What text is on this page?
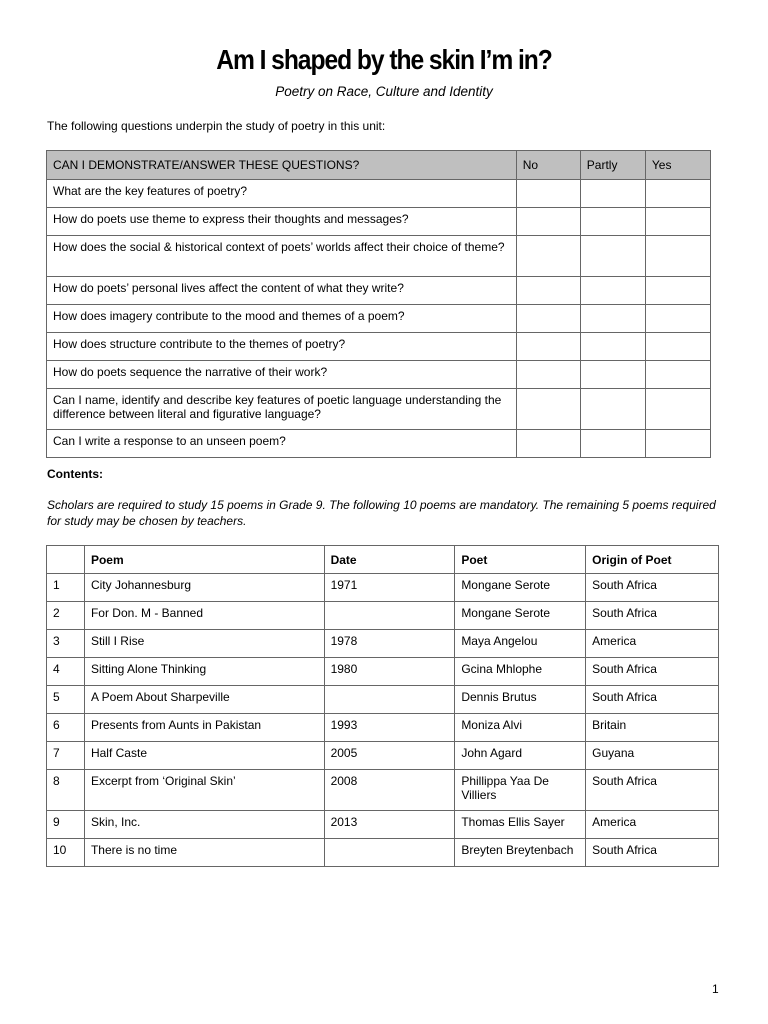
Am I shaped by the skin I’m in?
Poetry on Race, Culture and Identity
The following questions underpin the study of poetry in this unit:
CAN I DEMONSTRATE/ANSWER THESE QUESTIONS?	No	Partly	Yes
What are the key features of poetry?			
How do poets use theme to express their thoughts and messages?			
How does the social & historical context of poets’ worlds affect their choice of theme?			
How do poets’ personal lives affect the content of what they write?			
How does imagery contribute to the mood and themes of a poem?			
How does structure contribute to the themes of poetry?			
How do poets sequence the narrative of their work?			
Can I name, identify and describe key features of poetic language understanding the difference between literal and figurative language?			
Can I write a response to an unseen poem?			
Contents:
Scholars are required to study 15 poems in Grade 9. The following 10 poems are mandatory. The remaining 5 poems required for study may be chosen by teachers.
	Poem	Date	Poet	Origin of Poet
1	City Johannesburg	1971	Mongane Serote	South Africa
2	For Don. M - Banned		Mongane Serote	South Africa
3	Still I Rise	1978	Maya Angelou	America
4	Sitting Alone Thinking	1980	Gcina Mhlophe	South Africa
5	A Poem About Sharpeville		Dennis Brutus	South Africa
6	Presents from Aunts in Pakistan	1993	Moniza Alvi	Britain
7	Half Caste	2005	John Agard	Guyana
8	Excerpt from ‘Original Skin’	2008	Phillippa Yaa De Villiers	South Africa
9	Skin, Inc.	2013	Thomas Ellis Sayer	America
10	There is no time		Breyten Breytenbach	South Africa
1
